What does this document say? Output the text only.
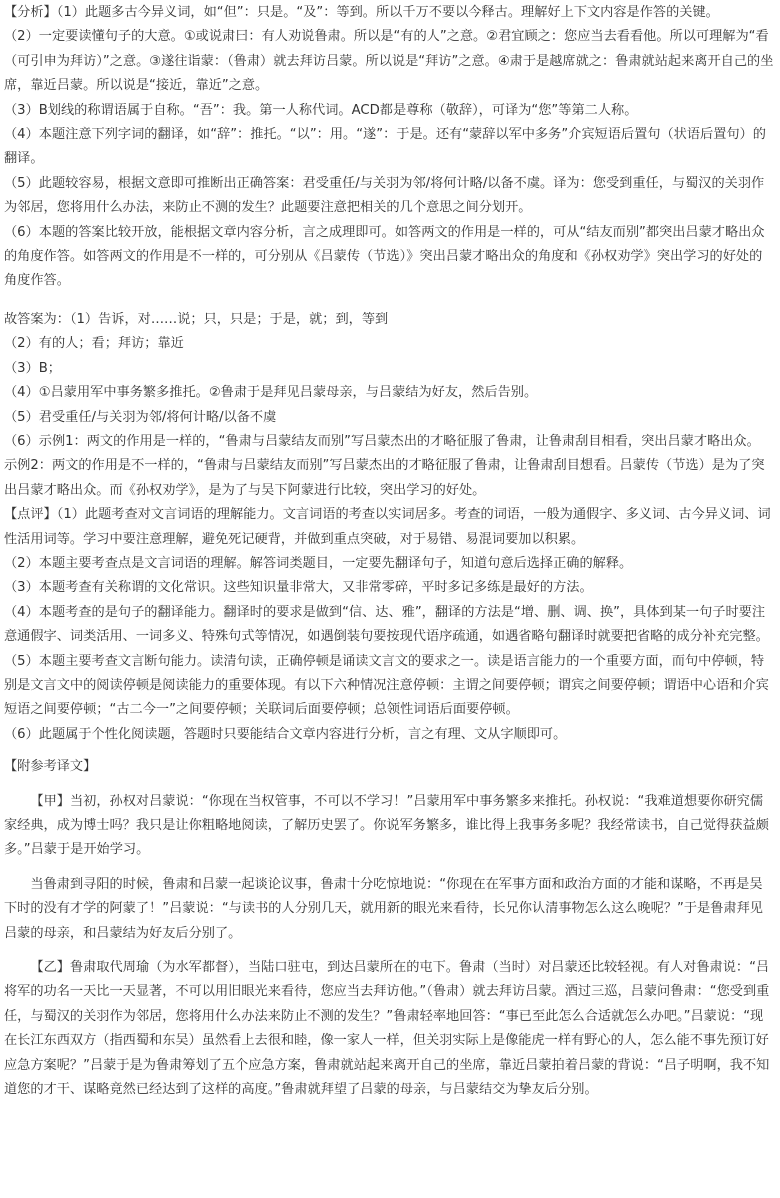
【分析】（1）此题多古今异义词，如“但”：只是。“及”：等到。所以千万不要以今释古。理解好上下文内容是作答的关键。

（2）一定要读懂句子的大意。①或说肃曰：有人劝说鲁肃。所以是“有的人”之意。②君宜顾之：您应当去看看他。所以可理解为“看（可引申为拜访）”之意。③遂往诣蒙：（鲁肃）就去拜访吕蒙。所以说是“拜访”之意。④肃于是越席就之：鲁肃就站起来离开自己的坐席，靠近吕蒙。所以说是“接近，靠近”之意。

（3）B划线的称谓语属于自称。“吾”：我。第一人称代词。ACD都是尊称（敬辞），可译为“您”等第二人称。

（4）本题注意下列字词的翻译，如“辞”：推托。“以”：用。“遂”：于是。还有“蒙辞以军中多务”介宾短语后置句（状语后置句）的翻译。

（5）此题较容易，根据文意即可推断出正确答案：君受重任/与关羽为邻/将何计略/以备不虞。译为：您受到重任，与蜀汉的关羽作为邻居，您将用什么办法，来防止不测的发生？此题要注意把相关的几个意思之间分划开。

（6）本题的答案比较开放，能根据文章内容分析，言之成理即可。如答两文的作用是一样的，可从“结友而别”都突出吕蒙才略出众的角度作答。如答两文的作用是不一样的，可分别从《吕蒙传（节选）》突出吕蒙才略出众的角度和《孙权劝学》突出学习的好处的角度作答。

故答案为：（1）告诉，对……说；只，只是；于是，就；到，等到

（2）有的人；看；拜访；靠近

（3）B；

（4）①吕蒙用军中事务繁多推托。②鲁肃于是拜见吕蒙母亲，与吕蒙结为好友，然后告别。

（5）君受重任/与关羽为邻/将何计略/以备不虞

（6）示例1：两文的作用是一样的，“鲁肃与吕蒙结友而别”写吕蒙杰出的才略征服了鲁肃，让鲁肃刮目相看，突出吕蒙才略出众。

示例2：两文的作用是不一样的，“鲁肃与吕蒙结友而别”写吕蒙杰出的才略征服了鲁肃，让鲁肃刮目想看。吕蒙传（节选）是为了突出吕蒙才略出众。而《孙权劝学》，是为了与吴下阿蒙进行比较，突出学习的好处。

【点评】（1）此题考查对文言词语的理解能力。文言词语的考查以实词居多。考查的词语，一般为通假字、多义词、古今异义词、词性活用词等。学习中要注意理解，避免死记硬背，并做到重点突破，对于易错、易混词要加以积累。

（2）本题主要考查点是文言词语的理解。解答词类题目，一定要先翻译句子，知道句意后选择正确的解释。

（3）本题考查有关称谓的文化常识。这些知识量非常大，又非常零碎，平时多记多练是最好的方法。

（4）本题考查的是句子的翻译能力。翻译时的要求是做到“信、达、雅”，翻译的方法是“增、删、调、换”，具体到某一句子时要注意通假字、词类活用、一词多义、特殊句式等情况，如遇倒装句要按现代语序疏通，如遇省略句翻译时就要把省略的成分补充完整。

（5）本题主要考查文言断句能力。读清句读，正确停顿是诵读文言文的要求之一。读是语言能力的一个重要方面，而句中停顿，特别是文言文中的阅读停顿是阅读能力的重要体现。有以下六种情况注意停顿：主谓之间要停顿；谓宾之间要停顿；谓语中心语和介宾短语之间要停顿；“古二今一”之间要停顿；关联词后面要停顿；总领性词语后面要停顿。

（6）此题属于个性化阅读题，答题时只要能结合文章内容进行分析，言之有理、文从字顺即可。

【附参考译文】

【甲】当初，孙权对吕蒙说：“你现在当权管事，不可以不学习！”吕蒙用军中事务繁多来推托。孙权说：“我难道想要你研究儒家经典，成为博士吗？我只是让你粗略地阅读，了解历史罢了。你说军务繁多，谁比得上我事务多呢？我经常读书，自己觉得获益颇多。”吕蒙于是开始学习。

当鲁肃到寻阳的时候，鲁肃和吕蒙一起谈论议事，鲁肃十分吃惊地说：“你现在在军事方面和政治方面的才能和谋略，不再是吴下时的没有才学的阿蒙了！”吕蒙说：“与读书的人分别几天，就用新的眼光来看待，长兄你认清事物怎么这么晚呢？”于是鲁肃拜见吕蒙的母亲，和吕蒙结为好友后分别了。

【乙】鲁肃取代周瑜（为水军都督），当陆口驻屯，到达吕蒙所在的屯下。鲁肃（当时）对吕蒙还比较轻视。有人对鲁肃说：“吕将军的功名一天比一天显著，不可以用旧眼光来看待，您应当去拜访他。”（鲁肃）就去拜访吕蒙。酒过三巡，吕蒙问鲁肃：“您受到重任，与蜀汉的关羽作为邻居，您将用什么办法来防止不测的发生？”鲁肃轻率地回答：“事已至此怎么合适就怎么办吧。”吕蒙说：“现在长江东西双方（指西蜀和东吴）虽然看上去很和睦，像一家人一样，但关羽实际上是像能虎一样有野心的人，怎么能不事先预订好应急方案呢？”吕蒙于是为鲁肃筹划了五个应急方案，鲁肃就站起来离开自己的坐席，靠近吕蒙拍着吕蒙的背说：“吕子明啊，我不知道您的才干、谋略竟然已经达到了这样的高度。”鲁肃就拜望了吕蒙的母亲，与吕蒙结交为挚友后分别。
